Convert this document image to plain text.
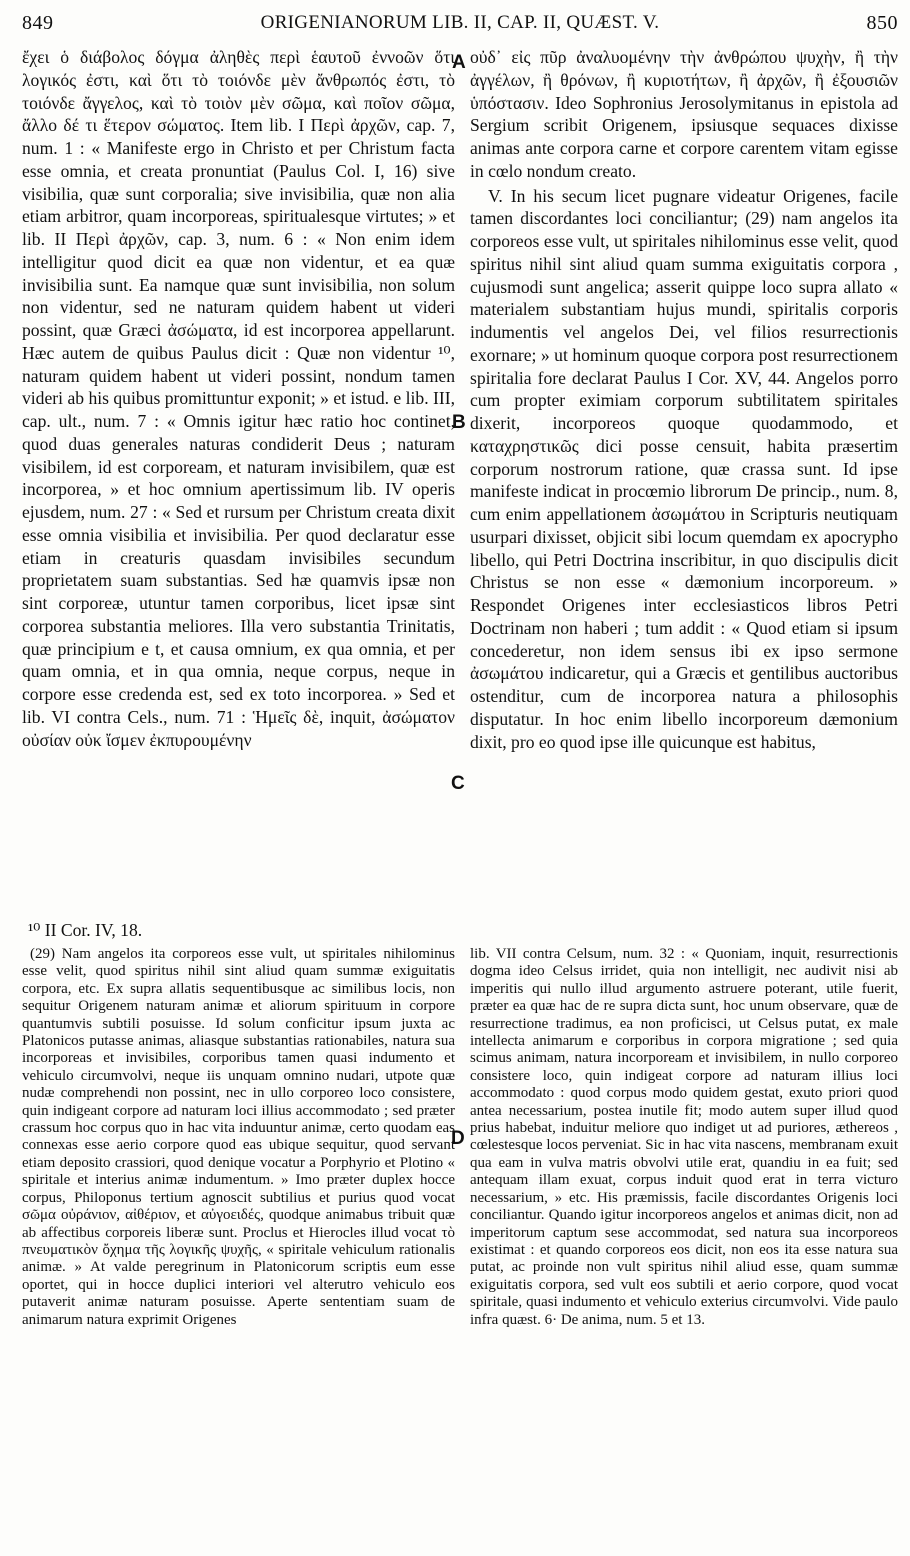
849	ORIGENIANORUM LIB. II, CAP. II, QUÆST. V.	850

ἔχει ὁ διάβολος δόγμα ἀληθὲς περὶ ἑαυτοῦ ἐννοῶν ὅτι λογικός ἐστι, καὶ ὅτι τὸ τοιόνδε μὲν ἄνθρωπός ἐστι, τὸ τοιόνδε ἄγγελος, καὶ τὸ τοιὸν μὲν σῶμα, καὶ ποῖον σῶμα, ἄλλο δέ τι ἕτερον σώματος. Item lib. I Περὶ ἀρχῶν, cap. 7, num. 1 : « Manifeste ergo in Christo et per Christum facta esse omnia, et creata pronuntiat (Paulus Col. I, 16) sive visibilia, quæ sunt corporalia; sive invisibilia, quæ non alia etiam arbitror, quam incorporeas, spiritualesque virtutes; » et lib. II Περὶ ἀρχῶν, cap. 3, num. 6 : « Non enim idem intelligitur quod dicit ea quæ non videntur, et ea quæ invisibilia sunt. Ea namque quæ sunt invisibilia, non solum non videntur, sed ne naturam quidem habent ut videri possint, quæ Græci ἀσώματα, id est incorporea appellarunt. Hæc autem de quibus Paulus dicit : Quæ non videntur ¹⁰, naturam quidem habent ut videri possint, nondum tamen videri ab his quibus promittuntur exponit; » et istud. e lib. III, cap. ult., num. 7 : « Omnis igitur hæc ratio hoc continet, quod duas generales naturas condiderit Deus ; naturam visibilem, id est corpoream, et naturam invisibilem, quæ est incorporea, » et hoc omnium apertissimum lib. IV operis ejusdem, num. 27 : « Sed et rursum per Christum creata dixit esse omnia visibilia et invisibilia. Per quod declaratur esse etiam in creaturis quasdam invisibiles secundum proprietatem suam substantias. Sed hæ quamvis ipsæ non sint corporeæ, utuntur tamen corporibus, licet ipsæ sint corporea substantia meliores. Illa vero substantia Trinitatis, quæ principium e t, et causa omnium, ex qua omnia, et per quam omnia, et in qua omnia, neque corpus, neque in corpore esse credenda est, sed ex toto incorporea. » Sed et lib. VI contra Cels., num. 71 : Ἡμεῖς δὲ, inquit, ἀσώματον οὐσίαν οὐκ ἴσμεν ἐκπυρουμένην

οὐδ᾽ εἰς πῦρ ἀναλυομένην τὴν ἀνθρώπου ψυχὴν, ἢ τὴν ἀγγέλων, ἢ θρόνων, ἢ κυριοτήτων, ἢ ἀρχῶν, ἢ ἐξουσιῶν ὑπόστασιν. Ideo Sophronius Jerosolymitanus in epistola ad Sergium scribit Origenem, ipsiusque sequaces dixisse animas ante corpora carne et corpore carentem vitam egisse in cœlo nondum creato.

V. In his secum licet pugnare videatur Origenes, facile tamen discordantes loci conciliantur; (29) nam angelos ita corporeos esse vult, ut spiritales nihilominus esse velit, quod spiritus nihil sint aliud quam summa exiguitatis corpora , cujusmodi sunt angelica; asserit quippe loco supra allato « materialem substantiam hujus mundi, spiritalis corporis indumentis vel angelos Dei, vel filios resurrectionis exornare; » ut hominum quoque corpora post resurrectionem spiritalia fore declarat Paulus I Cor. XV, 44. Angelos porro cum propter eximiam corporum subtilitatem spiritales dixerit, incorporeos quoque quodammodo, et καταχρηστικῶς dici posse censuit, habita præsertim corporum nostrorum ratione, quæ crassa sunt. Id ipse manifeste indicat in procœmio librorum De princip., num. 8, cum enim appellationem ἀσωμάτου in Scripturis neutiquam usurpari dixisset, objicit sibi locum quemdam ex apocrypho libello, qui Petri Doctrina inscribitur, in quo discipulis dicit Christus se non esse « dæmonium incorporeum. » Respondet Origenes inter ecclesiasticos libros Petri Doctrinam non haberi ; tum addit : « Quod etiam si ipsum concederetur, non idem sensus ibi ex ipso sermone ἀσωμάτου indicaretur, qui a Græcis et gentilibus auctoribus ostenditur, cum de incorporea natura a philosophis disputatur. In hoc enim libello incorporeum dæmonium dixit, pro eo quod ipse ille quicunque est habitus,

A
B
C
D
¹⁰ II Cor. IV, 18.

(29) Nam angelos ita corporeos esse vult, ut spiritales nihilominus esse velit, quod spiritus nihil sint aliud quam summæ exiguitatis corpora, etc. Ex supra allatis sequentibusque ac similibus locis, non sequitur Origenem naturam animæ et aliorum spirituum in corpore quantumvis subtili posuisse. Id solum conficitur ipsum juxta ac Platonicos putasse animas, aliasque substantias rationabiles, natura sua incorporeas et invisibiles, corporibus tamen quasi indumento et vehiculo circumvolvi, neque iis unquam omnino nudari, utpote quæ nudæ comprehendi non possint, nec in ullo corporeo loco consistere, quin indigeant corpore ad naturam loci illius accommodato ; sed præter crassum hoc corpus quo in hac vita induuntur animæ, certo quodam eas connexas esse aerio corpore quod eas ubique sequitur, quod servant etiam deposito crassiori, quod denique vocatur a Porphyrio et Plotino « spiritale et interius animæ indumentum. » Imo præter duplex hocce corpus, Philoponus tertium agnoscit subtilius et purius quod vocat σῶμα οὐράνιον, αἰθέριον, et αὐγοειδές, quodque animabus tribuit quæ ab affectibus corporeis liberæ sunt. Proclus et Hierocles illud vocat τὸ πνευματικὸν ὄχημα τῆς λογικῆς ψυχῆς, « spiritale vehiculum rationalis animæ. » At valde peregrinum in Platonicorum scriptis eum esse oportet, qui in hocce duplici interiori vel alterutro vehiculo eos putaverit animæ naturam posuisse. Aperte sententiam suam de animarum natura exprimit Origenes

lib. VII contra Celsum, num. 32 : « Quoniam, inquit, resurrectionis dogma ideo Celsus irridet, quia non intelligit, nec audivit nisi ab imperitis qui nullo illud argumento astruere poterant, utile fuerit, præter ea quæ hac de re supra dicta sunt, hoc unum observare, quæ de resurrectione tradimus, ea non proficisci, ut Celsus putat, ex male intellecta animarum e corporibus in corpora migratione ; sed quia scimus animam, natura incorpoream et invisibilem, in nullo corporeo consistere loco, quin indigeat corpore ad naturam illius loci accommodato : quod corpus modo quidem gestat, exuto priori quod antea necessarium, postea inutile fit; modo autem super illud quod prius habebat, induitur meliore quo indiget ut ad puriores, æthereos , cœlestesque locos perveniat. Sic in hac vita nascens, membranam exuit qua eam in vulva matris obvolvi utile erat, quandiu in ea fuit; sed antequam illam exuat, corpus induit quod erat in terra victuro necessarium, » etc. His præmissis, facile discordantes Origenis loci conciliantur. Quando igitur incorporeos angelos et animas dicit, non ad imperitorum captum sese accommodat, sed natura sua incorporeos existimat : et quando corporeos eos dicit, non eos ita esse natura sua putat, ac proinde non vult spiritus nihil aliud esse, quam summæ exiguitatis corpora, sed vult eos subtili et aerio corpore, quod vocat spiritale, quasi indumento et vehiculo exterius circumvolvi. Vide paulo infra quæst. 6· De anima, num. 5 et 13.
